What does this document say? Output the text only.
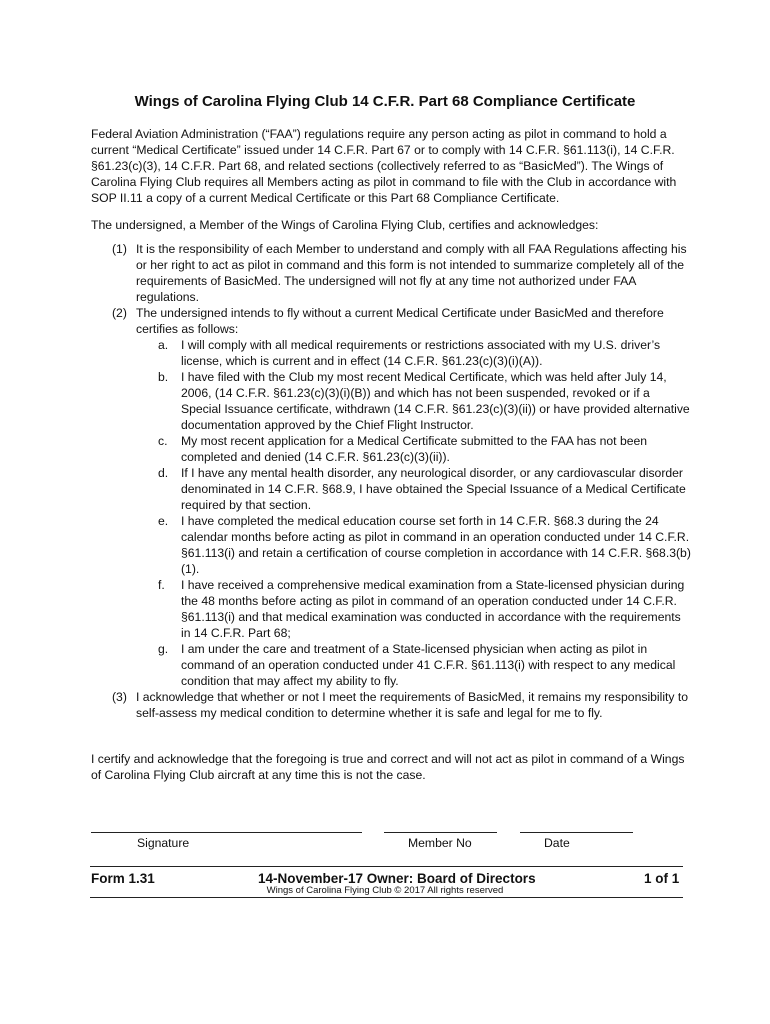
Wings of Carolina Flying Club 14 C.F.R. Part 68 Compliance Certificate

Federal Aviation Administration (“FAA”) regulations require any person acting as pilot in command to hold a current “Medical Certificate” issued under 14 C.F.R. Part 67 or to comply with 14 C.F.R. §61.113(i), 14 C.F.R. §61.23(c)(3), 14 C.F.R. Part 68, and related sections (collectively referred to as “BasicMed”). The Wings of Carolina Flying Club requires all Members acting as pilot in command to file with the Club in accordance with SOP II.11 a copy of a current Medical Certificate or this Part 68 Compliance Certificate.

The undersigned, a Member of the Wings of Carolina Flying Club, certifies and acknowledges:

(1) It is the responsibility of each Member to understand and comply with all FAA Regulations affecting his or her right to act as pilot in command and this form is not intended to summarize completely all of the requirements of BasicMed. The undersigned will not fly at any time not authorized under FAA regulations.
(2) The undersigned intends to fly without a current Medical Certificate under BasicMed and therefore certifies as follows:
a. I will comply with all medical requirements or restrictions associated with my U.S. driver’s license, which is current and in effect (14 C.F.R. §61.23(c)(3)(i)(A)).
b. I have filed with the Club my most recent Medical Certificate, which was held after July 14, 2006, (14 C.F.R. §61.23(c)(3)(i)(B)) and which has not been suspended, revoked or if a Special Issuance certificate, withdrawn (14 C.F.R. §61.23(c)(3)(ii)) or have provided alternative documentation approved by the Chief Flight Instructor.
c. My most recent application for a Medical Certificate submitted to the FAA has not been completed and denied (14 C.F.R. §61.23(c)(3)(ii)).
d. If I have any mental health disorder, any neurological disorder, or any cardiovascular disorder denominated in 14 C.F.R. §68.9, I have obtained the Special Issuance of a Medical Certificate required by that section.
e. I have completed the medical education course set forth in 14 C.F.R. §68.3 during the 24 calendar months before acting as pilot in command in an operation conducted under 14 C.F.R. §61.113(i) and retain a certification of course completion in accordance with 14 C.F.R. §68.3(b)(1).
f. I have received a comprehensive medical examination from a State-licensed physician during the 48 months before acting as pilot in command of an operation conducted under 14 C.F.R. §61.113(i) and that medical examination was conducted in accordance with the requirements in 14 C.F.R. Part 68;
g. I am under the care and treatment of a State-licensed physician when acting as pilot in command of an operation conducted under 41 C.F.R. §61.113(i) with respect to any medical condition that may affect my ability to fly.
(3) I acknowledge that whether or not I meet the requirements of BasicMed, it remains my responsibility to self-assess my medical condition to determine whether it is safe and legal for me to fly.

I certify and acknowledge that the foregoing is true and correct and will not act as pilot in command of a Wings of Carolina Flying Club aircraft at any time this is not the case.

Signature	Member No	Date
Form 1.31	14-November-17 Owner: Board of Directors	1 of 1
Wings of Carolina Flying Club © 2017 All rights reserved
